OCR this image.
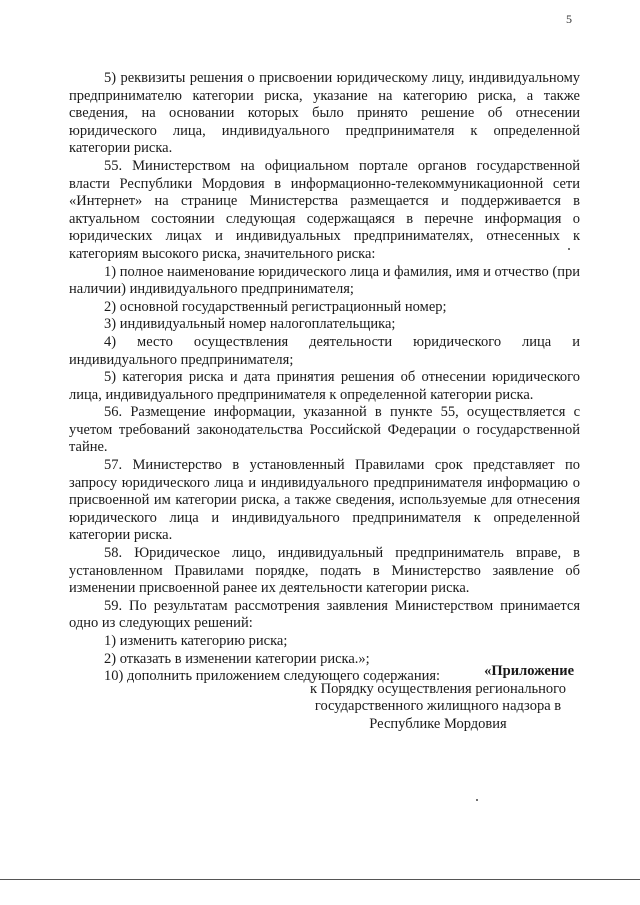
5

5) реквизиты решения о присвоении юридическому лицу, индивидуальному предпринимателю категории риска, указание на категорию риска, а также сведения, на основании которых было принято решение об отнесении юридического лица, индивидуального предпринимателя к определенной категории риска.

55. Министерством на официальном портале органов государственной власти Республики Мордовия в информационно-телекоммуникационной сети «Интернет» на странице Министерства размещается и поддерживается в актуальном состоянии следующая содержащаяся в перечне информация о юридических лицах и индивидуальных предпринимателях, отнесенных к категориям высокого риска, значительного риска:

1) полное наименование юридического лица и фамилия, имя и отчество (при наличии) индивидуального предпринимателя;

2) основной государственный регистрационный номер;

3) индивидуальный номер налогоплательщика;

4) место осуществления деятельности юридического лица и индивидуального предпринимателя;

5) категория риска и дата принятия решения об отнесении юридического лица, индивидуального предпринимателя к определенной категории риска.

56. Размещение информации, указанной в пункте 55, осуществляется с учетом требований законодательства Российской Федерации о государственной тайне.

57. Министерство в установленный Правилами срок представляет по запросу юридического лица и индивидуального предпринимателя информацию о присвоенной им категории риска, а также сведения, используемые для отнесения юридического лица и индивидуального предпринимателя к определенной категории риска.

58. Юридическое лицо, индивидуальный предприниматель вправе, в установленном Правилами порядке, подать в Министерство заявление об изменении присвоенной ранее их деятельности категории риска.

59. По результатам рассмотрения заявления Министерством принимается одно из следующих решений:

1) изменить категорию риска;

2) отказать в изменении категории риска.»;

10) дополнить приложением следующего содержания:	«Приложение
к Порядку осуществления регионального
государственного жилищного надзора в
Республике Мордовия
